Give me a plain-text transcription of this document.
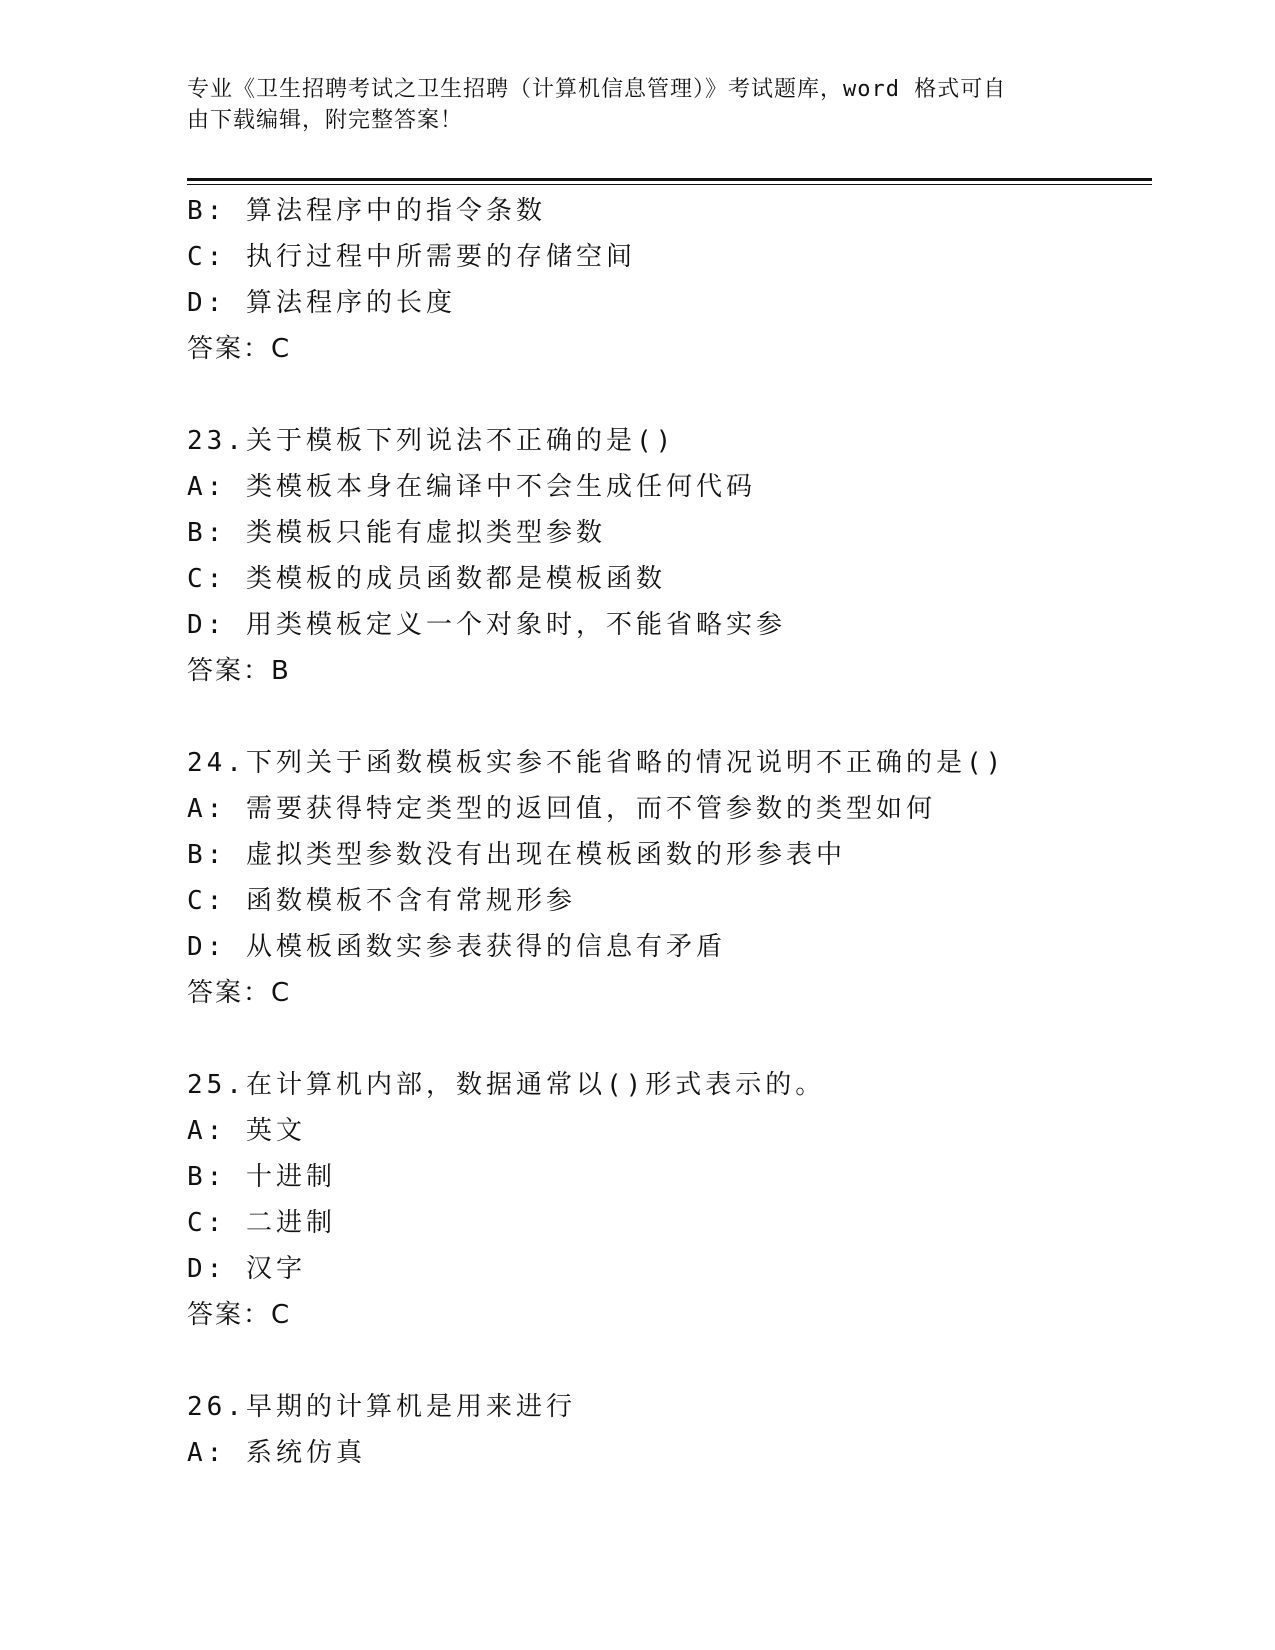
专业《卫生招聘考试之卫生招聘（计算机信息管理）》考试题库，word 格式可自
由下载编辑，附完整答案！
B: 算法程序中的指令条数
C: 执行过程中所需要的存储空间
D: 算法程序的长度
答案：C
23.关于模板下列说法不正确的是()
A: 类模板本身在编译中不会生成任何代码
B: 类模板只能有虚拟类型参数
C: 类模板的成员函数都是模板函数
D: 用类模板定义一个对象时，不能省略实参
答案：B
24.下列关于函数模板实参不能省略的情况说明不正确的是()
A: 需要获得特定类型的返回值，而不管参数的类型如何
B: 虚拟类型参数没有出现在模板函数的形参表中
C: 函数模板不含有常规形参
D: 从模板函数实参表获得的信息有矛盾
答案：C
25.在计算机内部，数据通常以()形式表示的。
A: 英文
B: 十进制
C: 二进制
D: 汉字
答案：C
26.早期的计算机是用来进行
A: 系统仿真
